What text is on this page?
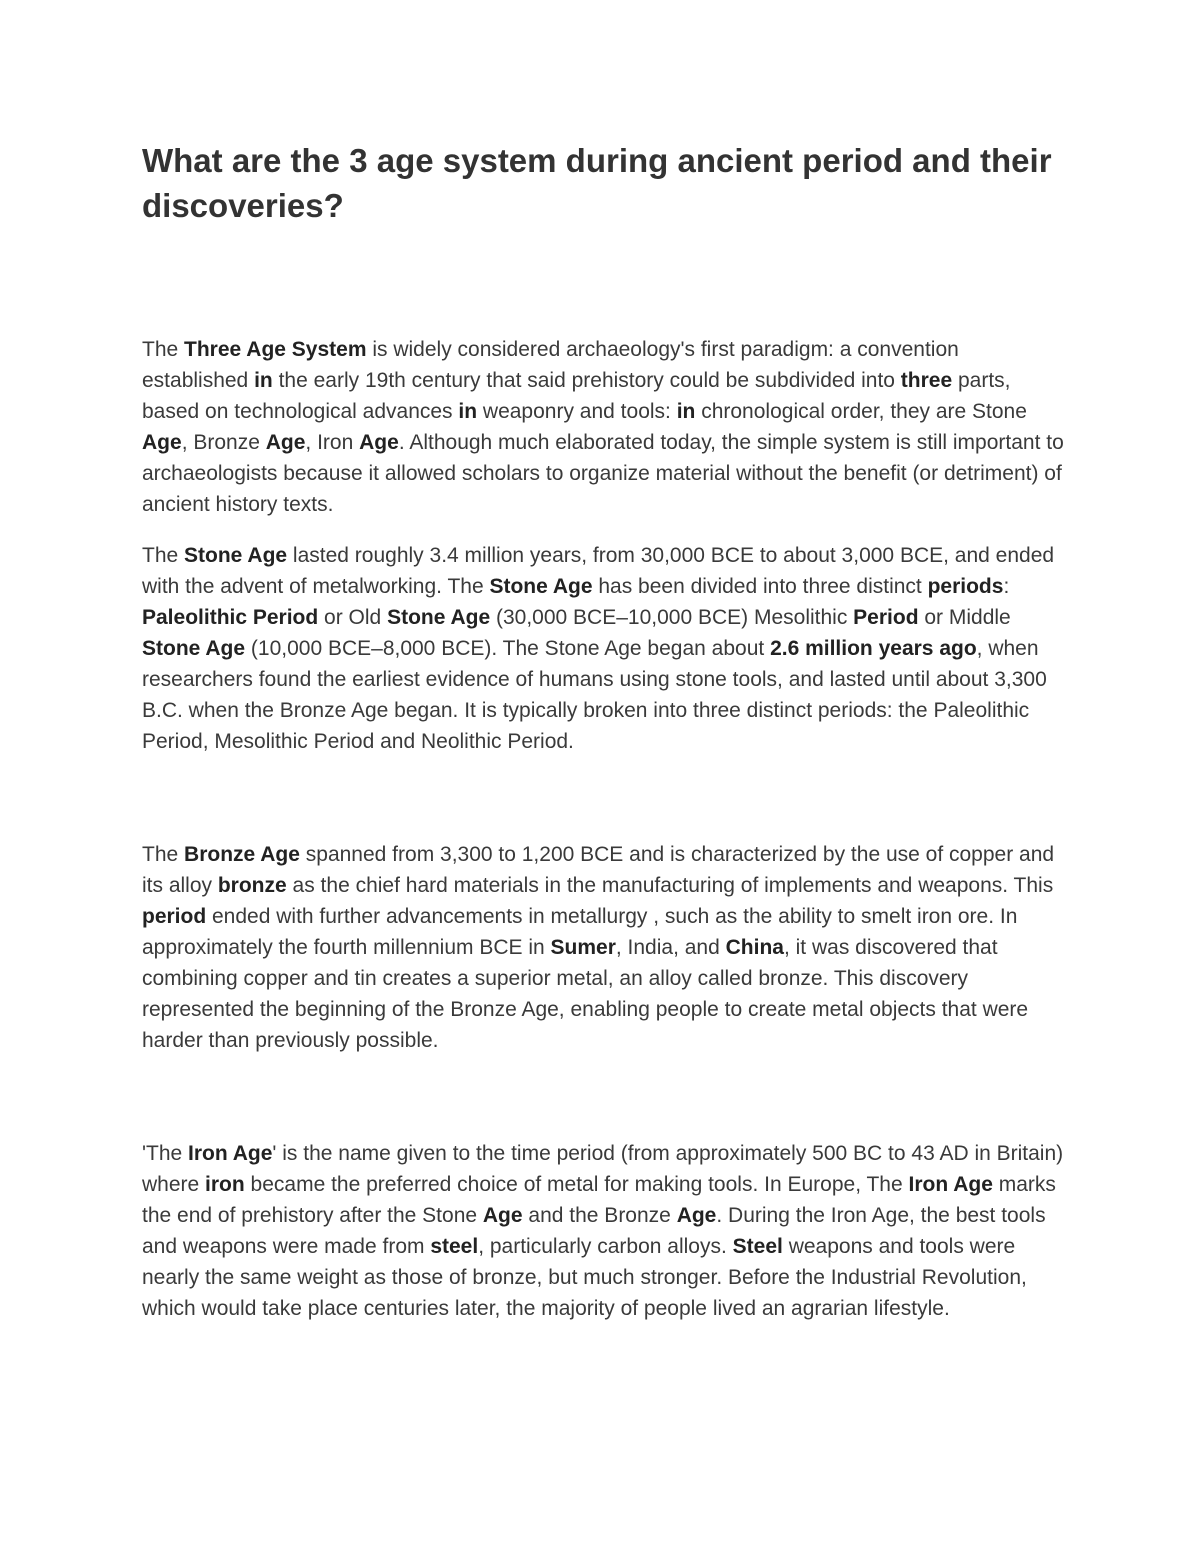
What are the 3 age system during ancient period and their discoveries?

The Three Age System is widely considered archaeology's first paradigm: a convention established in the early 19th century that said prehistory could be subdivided into three parts, based on technological advances in weaponry and tools: in chronological order, they are Stone Age, Bronze Age, Iron Age. Although much elaborated today, the simple system is still important to archaeologists because it allowed scholars to organize material without the benefit (or detriment) of ancient history texts.

The Stone Age lasted roughly 3.4 million years, from 30,000 BCE to about 3,000 BCE, and ended with the advent of metalworking. The Stone Age has been divided into three distinct periods: Paleolithic Period or Old Stone Age (30,000 BCE–10,000 BCE) Mesolithic Period or Middle Stone Age (10,000 BCE–8,000 BCE). The Stone Age began about 2.6 million years ago, when researchers found the earliest evidence of humans using stone tools, and lasted until about 3,300 B.C. when the Bronze Age began. It is typically broken into three distinct periods: the Paleolithic Period, Mesolithic Period and Neolithic Period.

The Bronze Age spanned from 3,300 to 1,200 BCE and is characterized by the use of copper and its alloy bronze as the chief hard materials in the manufacturing of implements and weapons. This period ended with further advancements in metallurgy , such as the ability to smelt iron ore. In approximately the fourth millennium BCE in Sumer, India, and China, it was discovered that combining copper and tin creates a superior metal, an alloy called bronze. This discovery represented the beginning of the Bronze Age, enabling people to create metal objects that were harder than previously possible.

'The Iron Age' is the name given to the time period (from approximately 500 BC to 43 AD in Britain) where iron became the preferred choice of metal for making tools. In Europe, The Iron Age marks the end of prehistory after the Stone Age and the Bronze Age. During the Iron Age, the best tools and weapons were made from steel, particularly carbon alloys. Steel weapons and tools were nearly the same weight as those of bronze, but much stronger. Before the Industrial Revolution, which would take place centuries later, the majority of people lived an agrarian lifestyle.
